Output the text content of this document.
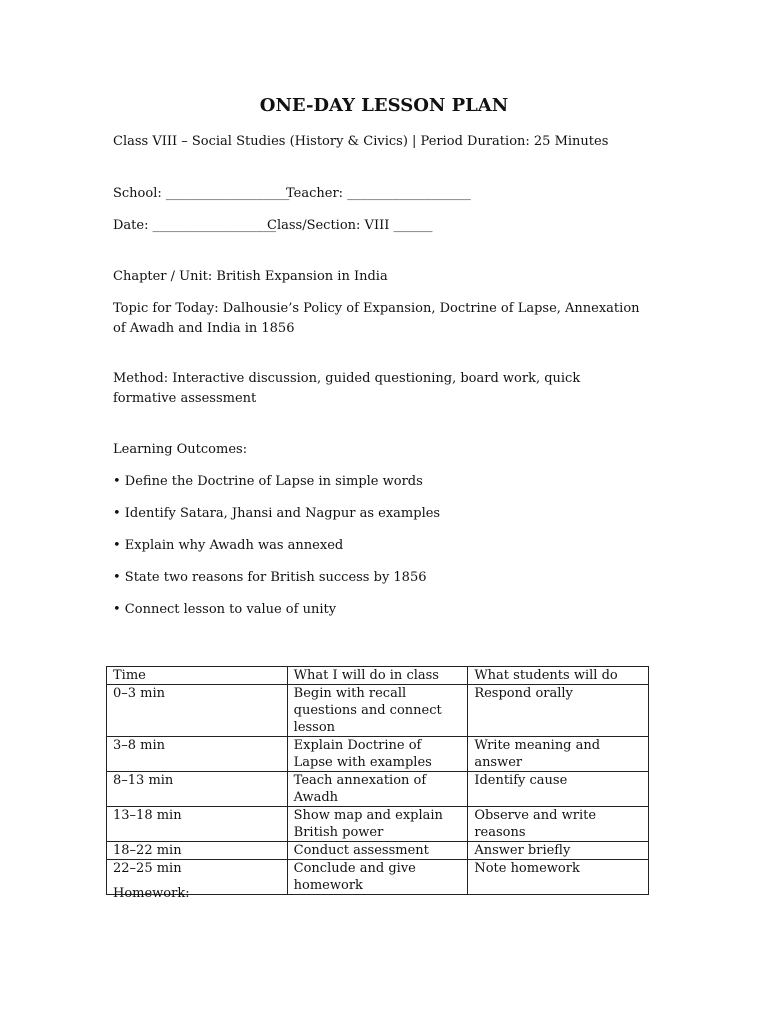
ONE-DAY LESSON PLAN
Class VIII – Social Studies (History & Civics) | Period Duration: 25 Minutes
School: ___________________
Teacher: ___________________
Date: ___________________
Class/Section: VIII ______
Chapter / Unit: British Expansion in India
Topic for Today: Dalhousie’s Policy of Expansion, Doctrine of Lapse, Annexation of Awadh and India in 1856
Method: Interactive discussion, guided questioning, board work, quick formative assessment
Learning Outcomes:
• Define the Doctrine of Lapse in simple words
• Identify Satara, Jhansi and Nagpur as examples
• Explain why Awadh was annexed
• State two reasons for British success by 1856
• Connect lesson to value of unity
Time	What I will do in class	What students will do
0–3 min	Begin with recall questions and connect lesson	Respond orally
3–8 min	Explain Doctrine of Lapse with examples	Write meaning and answer
8–13 min	Teach annexation of Awadh	Identify cause
13–18 min	Show map and explain British power	Observe and write reasons
18–22 min	Conduct assessment	Answer briefly
22–25 min	Conclude and give homework	Note homework
Homework:
